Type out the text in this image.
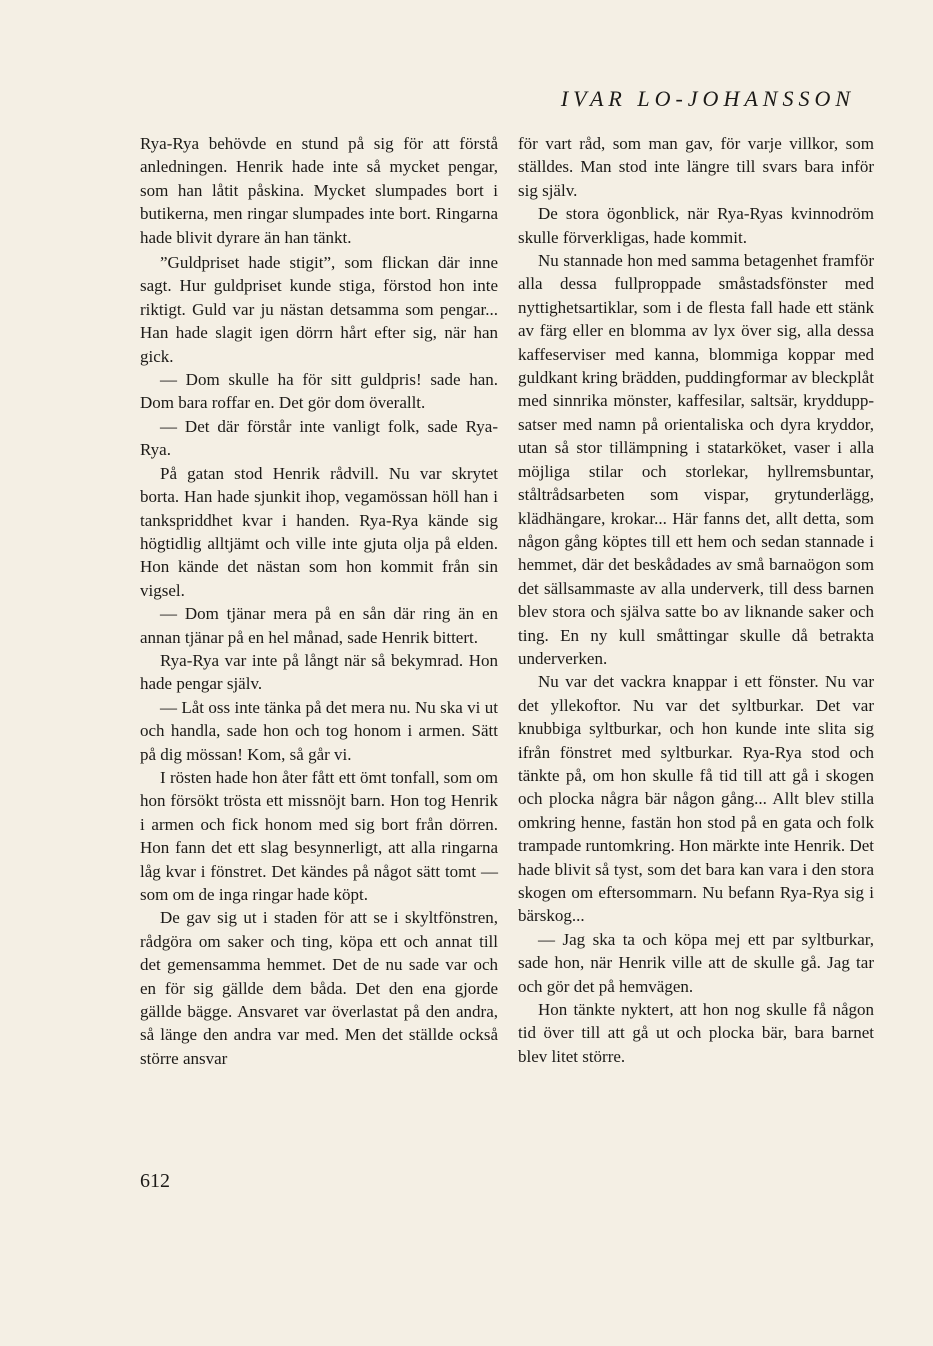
IVAR LO-JOHANSSON

Rya-Rya behövde en stund på sig för att förstå anledningen. Henrik hade inte så mycket pengar, som han låtit påskina. Mycket slumpades bort i butikerna, men ringar slumpades inte bort. Ringarna hade blivit dyrare än han tänkt.

”Guldpriset hade stigit”, som flickan där inne sagt. Hur guldpriset kunde stiga, förstod hon inte riktigt. Guld var ju nästan detsamma som pengar... Han hade slagit igen dörrn hårt efter sig, när han gick.

— Dom skulle ha för sitt guldpris! sade han. Dom bara roffar en. Det gör dom överallt.

— Det där förstår inte vanligt folk, sade Rya-Rya.

På gatan stod Henrik rådvill. Nu var skrytet borta. Han hade sjunkit ihop, vegamössan höll han i tankspriddhet kvar i handen. Rya-Rya kände sig högtidlig alltjämt och ville inte gjuta olja på elden. Hon kände det nästan som hon kommit från sin vigsel.

— Dom tjänar mera på en sån där ring än en annan tjänar på en hel månad, sade Henrik bittert.

Rya-Rya var inte på långt när så bekymrad. Hon hade pengar själv.

— Låt oss inte tänka på det mera nu. Nu ska vi ut och handla, sade hon och tog honom i armen. Sätt på dig mössan! Kom, så går vi.

I rösten hade hon åter fått ett ömt tonfall, som om hon försökt trösta ett missnöjt barn. Hon tog Henrik i armen och fick honom med sig bort från dörren. Hon fann det ett slag besynnerligt, att alla ringarna låg kvar i fönstret. Det kändes på något sätt tomt — som om de inga ringar hade köpt.

De gav sig ut i staden för att se i skyltfönstren, rådgöra om saker och ting, köpa ett och annat till det gemensamma hemmet. Det de nu sade var och en för sig gällde dem båda. Det den ena gjorde gällde bägge. Ansvaret var överlastat på den andra, så länge den andra var med. Men det ställde också större ansvar

för vart råd, som man gav, för varje villkor, som ställdes. Man stod inte längre till svars bara inför sig själv.

De stora ögonblick, när Rya-Ryas kvinnodröm skulle förverkligas, hade kommit.

Nu stannade hon med samma betagenhet framför alla dessa fullproppade småstadsfönster med nyttighetsartiklar, som i de flesta fall hade ett stänk av färg eller en blomma av lyx över sig, alla dessa kaffeserviser med kanna, blommiga koppar med guldkant kring brädden, puddingformar av bleckplåt med sinnrika mönster, kaffesilar, saltsär, kryddupp-satser med namn på orientaliska och dyra kryddor, utan så stor tillämpning i statarköket, vaser i alla möjliga stilar och storlekar, hyllremsbuntar, ståltrådsarbeten som vispar, grytunderlägg, klädhängare, krokar... Här fanns det, allt detta, som någon gång köptes till ett hem och sedan stannade i hemmet, där det beskådades av små barnaögon som det sällsammaste av alla underverk, till dess barnen blev stora och själva satte bo av liknande saker och ting. En ny kull småttingar skulle då betrakta underverken.

Nu var det vackra knappar i ett fönster. Nu var det yllekoftor. Nu var det syltburkar. Det var knubbiga syltburkar, och hon kunde inte slita sig ifrån fönstret med syltburkar. Rya-Rya stod och tänkte på, om hon skulle få tid till att gå i skogen och plocka några bär någon gång... Allt blev stilla omkring henne, fastän hon stod på en gata och folk trampade runtomkring. Hon märkte inte Henrik. Det hade blivit så tyst, som det bara kan vara i den stora skogen om eftersommarn. Nu befann Rya-Rya sig i bärskog...

— Jag ska ta och köpa mej ett par syltburkar, sade hon, när Henrik ville att de skulle gå. Jag tar och gör det på hemvägen.

Hon tänkte nyktert, att hon nog skulle få någon tid över till att gå ut och plocka bär, bara barnet blev litet större.

612
